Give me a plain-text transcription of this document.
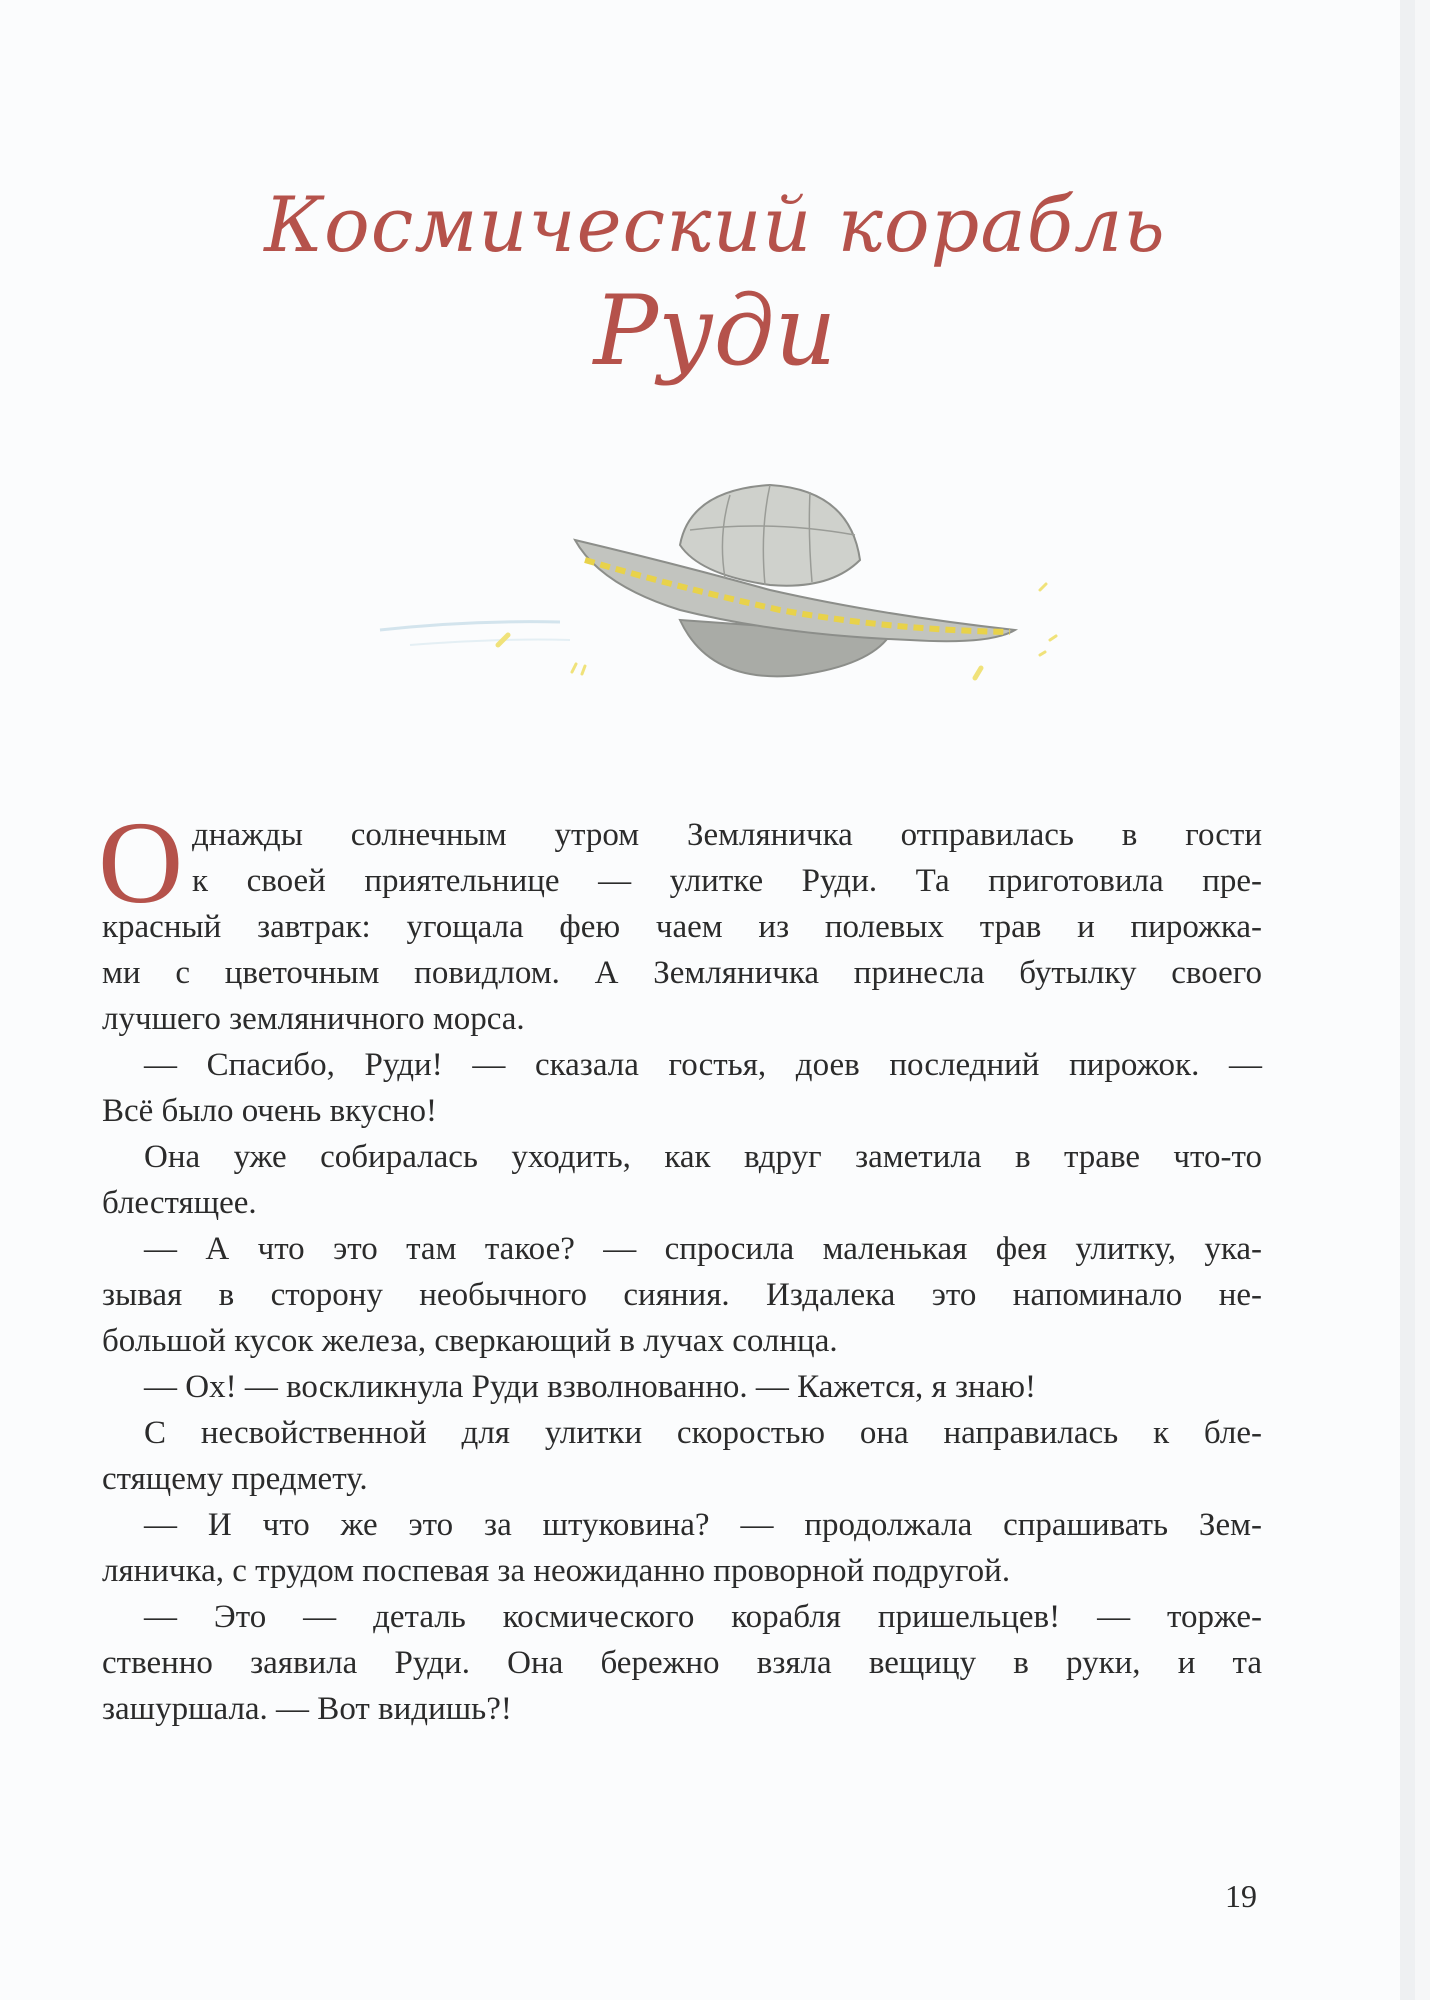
Космический корабль
Руди
О днажды солнечным утром Земляничка отправилась в гости
к своей приятельнице — улитке Руди. Та приготовила пре-
красный завтрак: угощала фею чаем из полевых трав и пирожка-
ми с цветочным повидлом. А Земляничка принесла бутылку своего
лучшего земляничного морса.
— Спасибо, Руди! — сказала гостья, доев последний пирожок. —
Всё было очень вкусно!
Она уже собиралась уходить, как вдруг заметила в траве что-то
блестящее.
— А что это там такое? — спросила маленькая фея улитку, ука-
зывая в сторону необычного сияния. Издалека это напоминало не-
большой кусок железа, сверкающий в лучах солнца.
— Ох! — воскликнула Руди взволнованно. — Кажется, я знаю!
С несвойственной для улитки скоростью она направилась к бле-
стящему предмету.
— И что же это за штуковина? — продолжала спрашивать Зем-
ляничка, с трудом поспевая за неожиданно проворной подругой.
— Это — деталь космического корабля пришельцев! — торже-
ственно заявила Руди. Она бережно взяла вещицу в руки, и та
зашуршала. — Вот видишь?!
19
